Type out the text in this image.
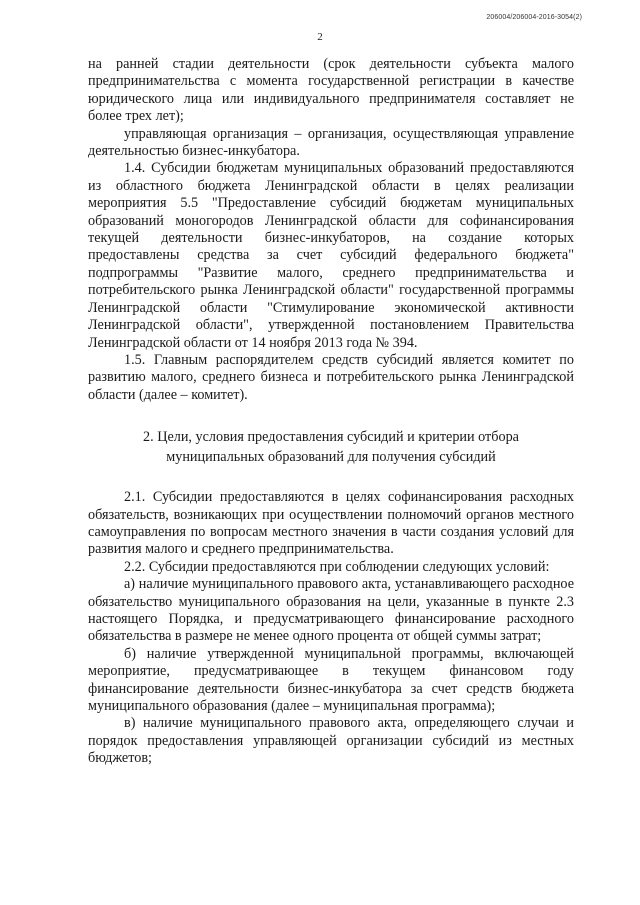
206004/206004-2016-3054(2)
2

на ранней стадии деятельности (срок деятельности субъекта малого предпринимательства с момента государственной регистрации в качестве юридического лица или индивидуального предпринимателя составляет не более трех лет);

управляющая организация – организация, осуществляющая управление деятельностью бизнес-инкубатора.

1.4. Субсидии бюджетам муниципальных образований предоставляются из областного бюджета Ленинградской области в целях реализации мероприятия 5.5 "Предоставление субсидий бюджетам муниципальных образований моногородов Ленинградской области для софинансирования текущей деятельности бизнес-инкубаторов, на создание которых предоставлены средства за счет субсидий федерального бюджета" подпрограммы "Развитие малого, среднего предпринимательства и потребительского рынка Ленинградской области" государственной программы Ленинградской области "Стимулирование экономической активности Ленинградской области", утвержденной постановлением Правительства Ленинградской области от 14 ноября 2013 года № 394.

1.5. Главным распорядителем средств субсидий является комитет по развитию малого, среднего бизнеса и потребительского рынка Ленинградской области (далее – комитет).

2. Цели, условия предоставления субсидий и критерии отбора
муниципальных образований для получения субсидий

2.1. Субсидии предоставляются в целях софинансирования расходных обязательств, возникающих при осуществлении полномочий органов местного самоуправления по вопросам местного значения в части создания условий для развития малого и среднего предпринимательства.

2.2. Субсидии предоставляются при соблюдении следующих условий:

а) наличие муниципального правового акта, устанавливающего расходное обязательство муниципального образования на цели, указанные в пункте 2.3 настоящего Порядка, и предусматривающего финансирование расходного обязательства в размере не менее одного процента от общей суммы затрат;

б) наличие утвержденной муниципальной программы, включающей мероприятие, предусматривающее в текущем финансовом году финансирование деятельности бизнес-инкубатора за счет средств бюджета муниципального образования (далее – муниципальная программа);

в) наличие муниципального правового акта, определяющего случаи и порядок предоставления управляющей организации субсидий из местных бюджетов;
